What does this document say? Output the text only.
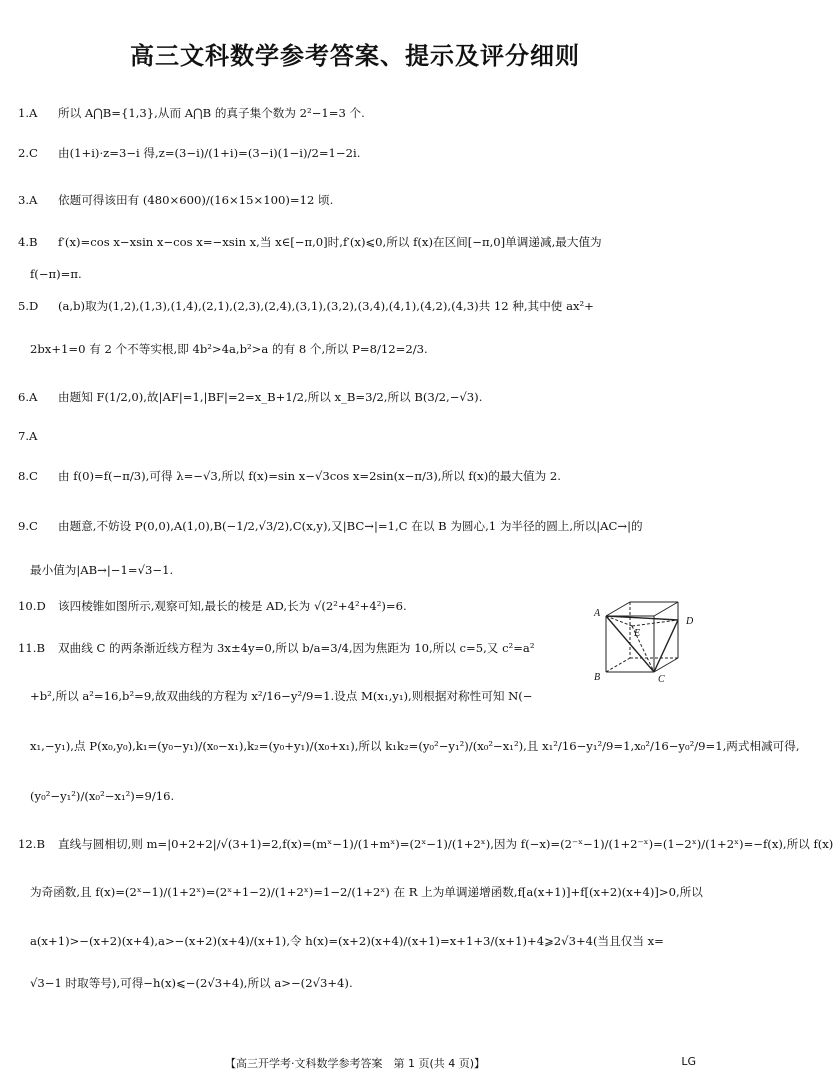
高三文科数学参考答案、提示及评分细则
1.A 所以 A⋂B={1,3},从而 A⋂B 的真子集个数为 2²−1=3 个.
2.C 由(1+i)·z=3−i 得,z=(3−i)/(1+i)=(3−i)(1−i)/2=1−2i.
3.A 依题可得该田有 (480×600)/(16×15×100)=12 顷.
4.B f′(x)=cos x−xsin x−cos x=−xsin x,当 x∈[−π,0]时,f′(x)⩽0,所以 f(x)在区间[−π,0]单调递减,最大值为
f(−π)=π.
5.D (a,b)取为(1,2),(1,3),(1,4),(2,1),(2,3),(2,4),(3,1),(3,2),(3,4),(4,1),(4,2),(4,3)共 12 种,其中使 ax²+
2bx+1=0 有 2 个不等实根,即 4b²>4a,b²>a 的有 8 个,所以 P=8/12=2/3.
6.A 由题知 F(1/2,0),故|AF|=1,|BF|=2=x_B+1/2,所以 x_B=3/2,所以 B(3/2,−√3).
7.A
8.C 由 f(0)=f(−π/3),可得 λ=−√3,所以 f(x)=sin x−√3cos x=2sin(x−π/3),所以 f(x)的最大值为 2.
9.C 由题意,不妨设 P(0,0),A(1,0),B(−1/2,√3/2),C(x,y),又|BC→|=1,C 在以 B 为圆心,1 为半径的圆上,所以|AC→|的
最小值为|AB→|−1=√3−1.
10.D 该四棱锥如图所示,观察可知,最长的棱是 AD,长为 √(2²+4²+4²)=6.
11.B 双曲线 C 的两条渐近线方程为 3x±4y=0,所以 b/a=3/4,因为焦距为 10,所以 c=5,又 c²=a²
+b²,所以 a²=16,b²=9,故双曲线的方程为 x²/16−y²/9=1.设点 M(x₁,y₁),则根据对称性可知 N(−
x₁,−y₁),点 P(x₀,y₀),k₁=(y₀−y₁)/(x₀−x₁),k₂=(y₀+y₁)/(x₀+x₁),所以 k₁k₂=(y₀²−y₁²)/(x₀²−x₁²),且 x₁²/16−y₁²/9=1,x₀²/16−y₀²/9=1,两式相减可得,
(y₀²−y₁²)/(x₀²−x₁²)=9/16.
12.B 直线与圆相切,则 m=|0+2+2|/√(3+1)=2,f(x)=(mˣ−1)/(1+mˣ)=(2ˣ−1)/(1+2ˣ),因为 f(−x)=(2⁻ˣ−1)/(1+2⁻ˣ)=(1−2ˣ)/(1+2ˣ)=−f(x),所以 f(x)
为奇函数,且 f(x)=(2ˣ−1)/(1+2ˣ)=(2ˣ+1−2)/(1+2ˣ)=1−2/(1+2ˣ) 在 R 上为单调递增函数,f[a(x+1)]+f[(x+2)(x+4)]>0,所以
a(x+1)>−(x+2)(x+4),a>−(x+2)(x+4)/(x+1),令 h(x)=(x+2)(x+4)/(x+1)=x+1+3/(x+1)+4⩾2√3+4(当且仅当 x=
√3−1 时取等号),可得−h(x)⩽−(2√3+4),所以 a>−(2√3+4).
A
E
D
B	C
【高三开学考·文科数学参考答案　第 1 页(共 4 页)】	LG
